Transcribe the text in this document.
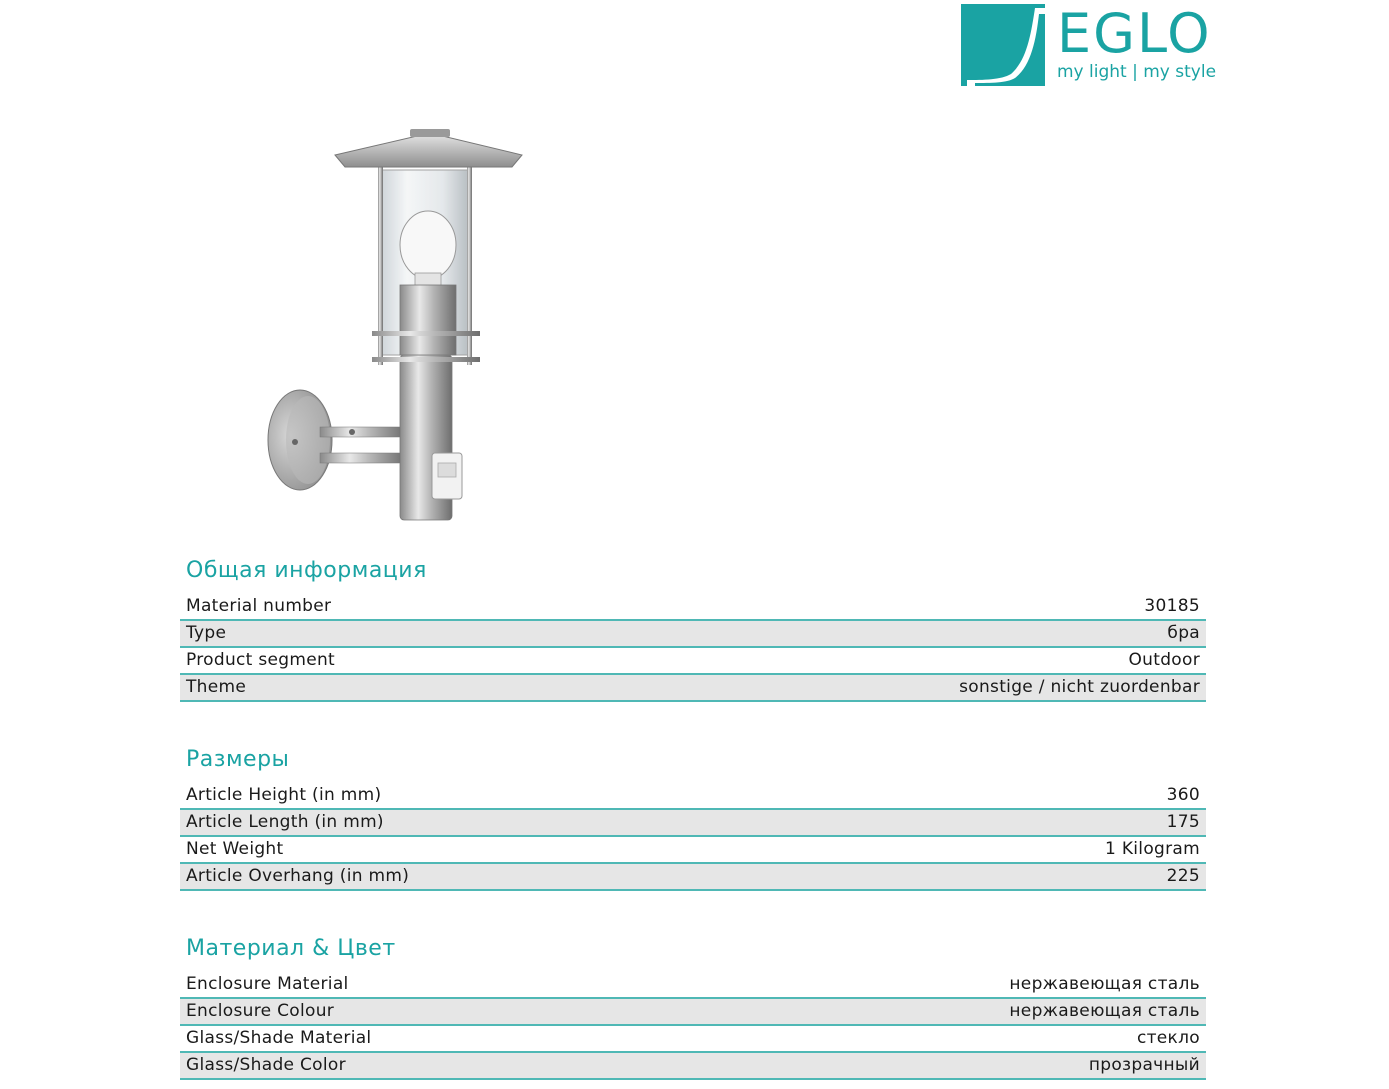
EGLO
my light | my style
Общая информация
Material number	30185
Type	бра
Product segment	Outdoor
Theme	sonstige / nicht zuordenbar
Размеры
Article Height (in mm)	360
Article Length (in mm)	175
Net Weight	1 Kilogram
Article Overhang (in mm)	225
Материал & Цвет
Enclosure Material	нержавеющая сталь
Enclosure Colour	нержавеющая сталь
Glass/Shade Material	стекло
Glass/Shade Color	прозрачный
